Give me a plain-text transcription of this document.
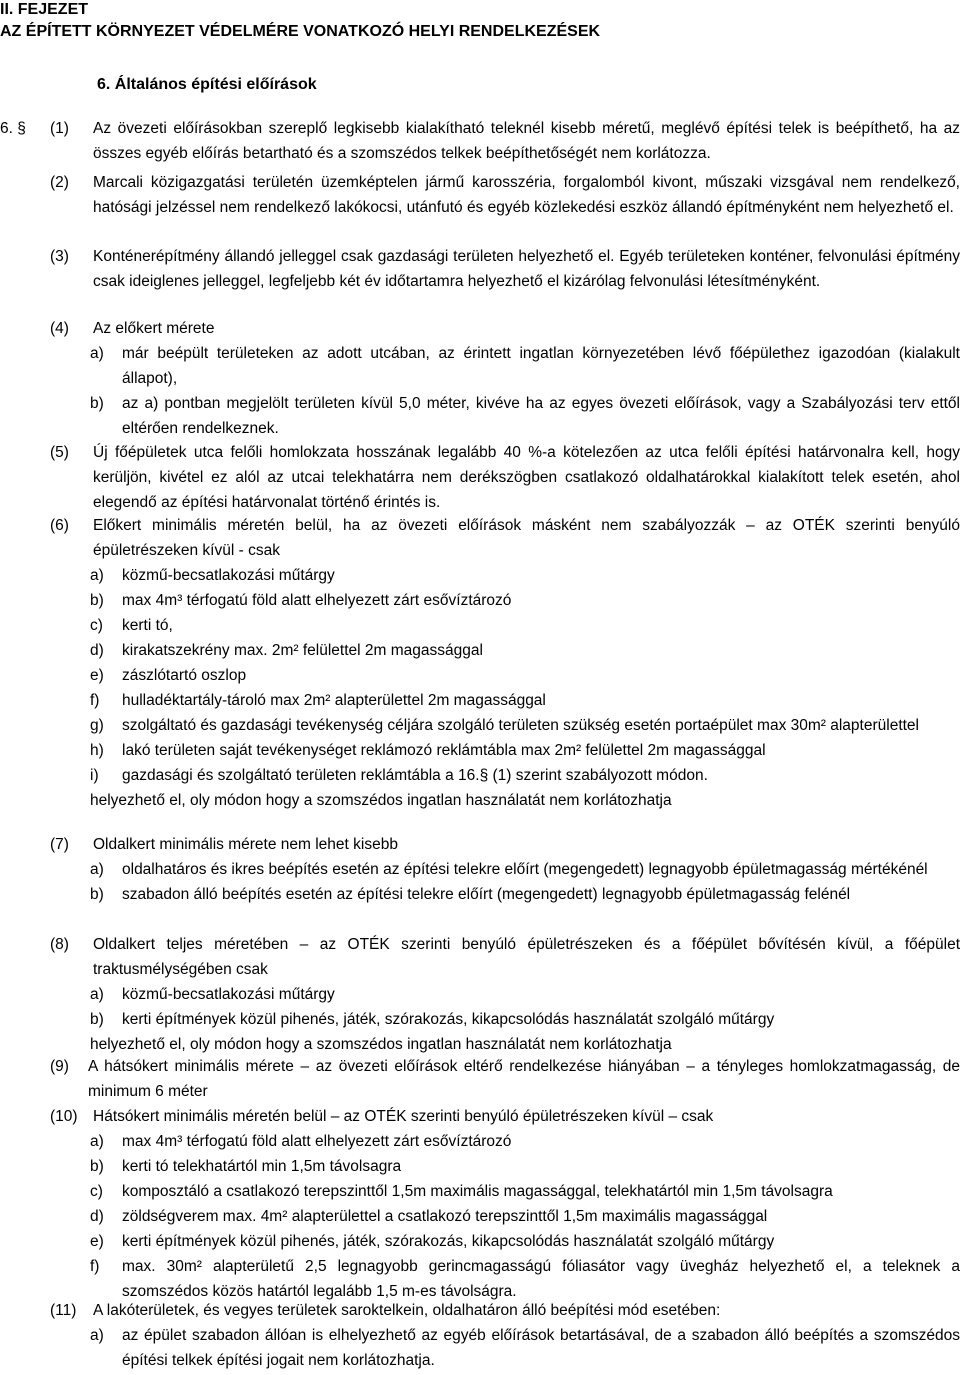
II. FEJEZET
AZ ÉPÍTETT KÖRNYEZET VÉDELMÉRE VONATKOZÓ HELYI RENDELKEZÉSEK
6. Általános építési előírások
6. §	(1) Az övezeti előírásokban szereplő legkisebb kialakítható teleknél kisebb méretű, meglévő építési telek is beépíthető, ha az összes egyéb előírás betartható és a szomszédos telkek beépíthetőségét nem korlátozza.
(2) Marcali közigazgatási területén üzemképtelen jármű karosszéria, forgalomból kivont, műszaki vizsgával nem rendelkező, hatósági jelzéssel nem rendelkező lakókocsi, utánfutó és egyéb közlekedési eszköz állandó építményként nem helyezhető el.
(3) Konténerépítmény állandó jelleggel csak gazdasági területen helyezhető el. Egyéb területeken konténer, felvonulási építmény csak ideiglenes jelleggel, legfeljebb két év időtartamra helyezhető el kizárólag felvonulási létesítményként.
(4) Az előkert mérete
a) már beépült területeken az adott utcában, az érintett ingatlan környezetében lévő főépülethez igazodóan (kialakult állapot),
b) az a) pontban megjelölt területen kívül 5,0 méter, kivéve ha az egyes övezeti előírások, vagy a Szabályozási terv ettől eltérően rendelkeznek.
(5) Új főépületek utca felőli homlokzata hosszának legalább 40 %-a kötelezően az utca felőli építési határvonalra kell, hogy kerüljön, kivétel ez alól az utcai telekhatárra nem derékszögben csatlakozó oldalhatárokkal kialakított telek esetén, ahol elegendő az építési határvonalat történő érintés is.
(6) Előkert minimális méretén belül, ha az övezeti előírások másként nem szabályozzák – az OTÉK szerinti benyúló épületrészeken kívül - csak
a) közmű-becsatlakozási műtárgy
b) max 4m³ térfogatú föld alatt elhelyezett zárt esővíztározó
c) kerti tó,
d) kirakatszekrény max. 2m² felülettel 2m magassággal
e) zászlótartó oszlop
f) hulladéktartály-tároló max 2m² alapterülettel 2m magassággal
g) szolgáltató és gazdasági tevékenység céljára szolgáló területen szükség esetén portaépület max 30m² alapterülettel
h) lakó területen saját tevékenységet reklámozó reklámtábla max 2m² felülettel 2m magassággal
i) gazdasági és szolgáltató területen reklámtábla a 16.§ (1) szerint szabályozott módon.
helyezhető el, oly módon hogy a szomszédos ingatlan használatát nem korlátozhatja
(7) Oldalkert minimális mérete nem lehet kisebb
a) oldalhatáros és ikres beépítés esetén az építési telekre előírt (megengedett) legnagyobb épületmagasság mértékénél
b) szabadon álló beépítés esetén az építési telekre előírt (megengedett) legnagyobb épületmagasság felénél
(8) Oldalkert teljes méretében – az OTÉK szerinti benyúló épületrészeken és a főépület bővítésén kívül, a főépület traktusmélységében csak
a) közmű-becsatlakozási műtárgy
b) kerti építmények közül pihenés, játék, szórakozás, kikapcsolódás használatát szolgáló műtárgy
helyezhető el, oly módon hogy a szomszédos ingatlan használatát nem korlátozhatja
(9) A hátsókert minimális mérete – az övezeti előírások eltérő rendelkezése hiányában – a tényleges homlokzatmagasság, de minimum 6 méter
(10) Hátsókert minimális méretén belül – az OTÉK szerinti benyúló épületrészeken kívül – csak
a) max 4m³ térfogatú föld alatt elhelyezett zárt esővíztározó
b) kerti tó telekhatártól min 1,5m távolsagra
c) komposztáló a csatlakozó terepszinttől 1,5m maximális magassággal, telekhatártól min 1,5m távolsagra
d) zöldségverem max. 4m² alapterülettel a csatlakozó terepszinttől 1,5m maximális magassággal
e) kerti építmények közül pihenés, játék, szórakozás, kikapcsolódás használatát szolgáló műtárgy
f) max. 30m² alapterületű 2,5 legnagyobb gerincmagasságú fóliasátor vagy üvegház helyezhető el, a teleknek a szomszédos közös határtól legalább 1,5 m-es távolságra.
(11) A lakóterületek, és vegyes területek saroktelkein, oldalhatáron álló beépítési mód esetében:
a) az épület szabadon állóan is elhelyezhető az egyéb előírások betartásával, de a szabadon álló beépítés a szomszédos építési telkek építési jogait nem korlátozhatja.
